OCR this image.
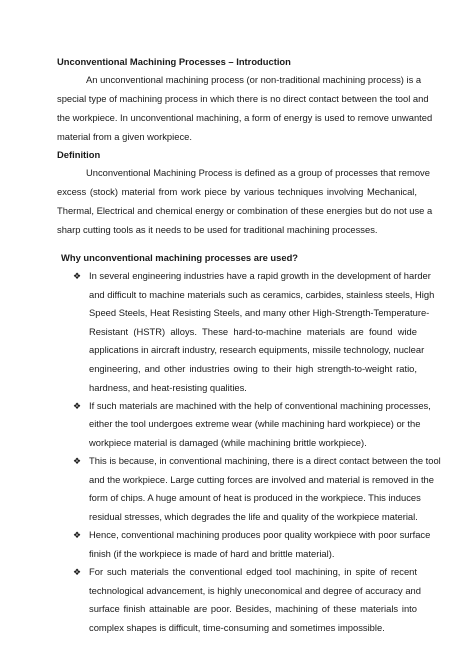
Unconventional Machining Processes – Introduction
An unconventional machining process (or non-traditional machining process) is a
special type of machining process in which there is no direct contact between the tool and
the workpiece. In unconventional machining, a form of energy is used to remove unwanted
material from a given workpiece.
Definition
Unconventional Machining Process is defined as a group of processes that remove
excess (stock) material from work piece by various techniques involving Mechanical,
Thermal, Electrical and chemical energy or combination of these energies but do not use a
sharp cutting tools as it needs to be used for traditional machining processes.
Why unconventional machining processes are used?
❖ In several engineering industries have a rapid growth in the development of harder
and difficult to machine materials such as ceramics, carbides, stainless steels, High
Speed Steels, Heat Resisting Steels, and many other High-Strength-Temperature-
Resistant (HSTR) alloys. These hard-to-machine materials are found wide
applications in aircraft industry, research equipments, missile technology, nuclear
engineering, and other industries owing to their high strength-to-weight ratio,
hardness, and heat-resisting qualities.
❖ If such materials are machined with the help of conventional machining processes,
either the tool undergoes extreme wear (while machining hard workpiece) or the
workpiece material is damaged (while machining brittle workpiece).
❖ This is because, in conventional machining, there is a direct contact between the tool
and the workpiece. Large cutting forces are involved and material is removed in the
form of chips. A huge amount of heat is produced in the workpiece. This induces
residual stresses, which degrades the life and quality of the workpiece material.
❖ Hence, conventional machining produces poor quality workpiece with poor surface
finish (if the workpiece is made of hard and brittle material).
❖ For such materials the conventional edged tool machining, in spite of recent
technological advancement, is highly uneconomical and degree of accuracy and
surface finish attainable are poor. Besides, machining of these materials into
complex shapes is difficult, time-consuming and sometimes impossible.
